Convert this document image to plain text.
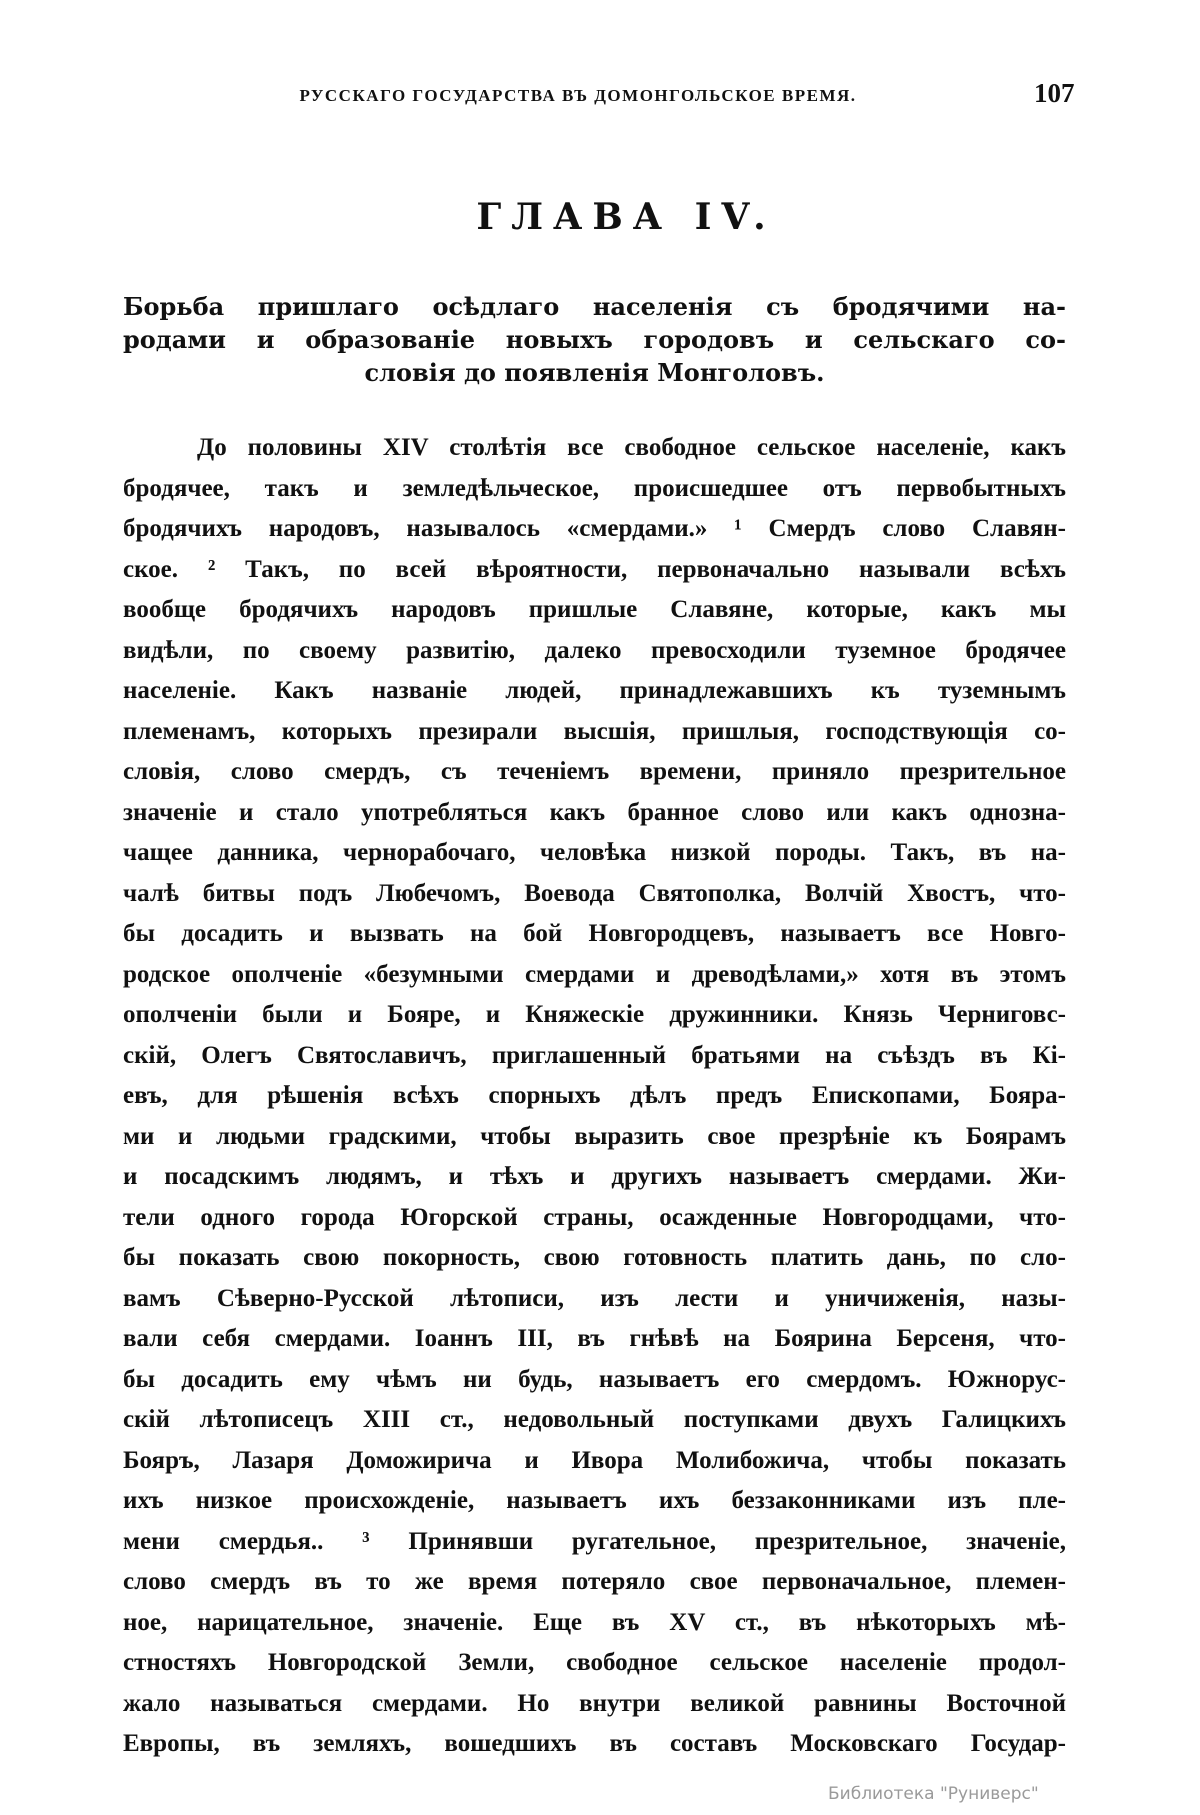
РУССКАГО ГОСУДАРСТВА ВЪ ДОМОНГОЛЬСКОЕ ВРЕМЯ.	107
ГЛАВА IV.
Борьба пришлаго осѣдлаго населенія съ бродячими на-
родами и образованіе новыхъ городовъ и сельскаго со-
словія до появленія Монголовъ.
До половины XIV столѣтія все свободное сельское населеніе, какъ
бродячее, такъ и земледѣльческое, происшедшее отъ первобытныхъ
бродячихъ народовъ, называлось «смердами.» ¹ Смердъ слово Славян-
ское. ² Такъ, по всей вѣроятности, первоначально называли всѣхъ
вообще бродячихъ народовъ пришлые Славяне, которые, какъ мы
видѣли, по своему развитію, далеко превосходили туземное бродячее
населеніе. Какъ названіе людей, принадлежавшихъ къ туземнымъ
племенамъ, которыхъ презирали высшія, пришлыя, господствующія со-
словія, слово смердъ, съ теченіемъ времени, приняло презрительное
значеніе и стало употребляться какъ бранное слово или какъ однозна-
чащее данника, чернорабочаго, человѣка низкой породы. Такъ, въ на-
чалѣ битвы подъ Любечомъ, Воевода Святополка, Волчій Хвостъ, что-
бы досадить и вызвать на бой Новгородцевъ, называетъ все Новго-
родское ополченіе «безумными смердами и древодѣлами,» хотя въ этомъ
ополченіи были и Бояре, и Княжескіе дружинники. Князь Черниговс-
скій, Олегъ Святославичъ, приглашенный братьями на съѣздъ въ Кі-
евъ, для рѣшенія всѣхъ спорныхъ дѣлъ предъ Епископами, Бояра-
ми и людьми градскими, чтобы выразить свое презрѣніе къ Боярамъ
и посадскимъ людямъ, и тѣхъ и другихъ называетъ смердами. Жи-
тели одного города Югорской страны, осажденные Новгородцами, что-
бы показать свою покорность, свою готовность платить дань, по сло-
вамъ Сѣверно-Русской лѣтописи, изъ лести и уничиженія, назы-
вали себя смердами. Іоаннъ III, въ гнѣвѣ на Боярина Берсеня, что-
бы досадить ему чѣмъ ни будь, называетъ его смердомъ. Южнорус-
скій лѣтописецъ XIII ст., недовольный поступками двухъ Галицкихъ
Бояръ, Лазаря Доможирича и Ивора Молибожича, чтобы показать
ихъ низкое происхожденіе, называетъ ихъ беззаконниками изъ пле-
мени смердья.. ³ Принявши ругательное, презрительное, значеніе,
слово смердъ въ то же время потеряло свое первоначальное, племен-
ное, нарицательное, значеніе. Еще въ XV ст., въ нѣкоторыхъ мѣ-
стностяхъ Новгородской Земли, свободное сельское населеніе продол-
жало называться смердами. Но внутри великой равнины Восточной
Европы, въ земляхъ, вошедшихъ въ составъ Московскаго Государ-
Библиотека "Руниверс"
